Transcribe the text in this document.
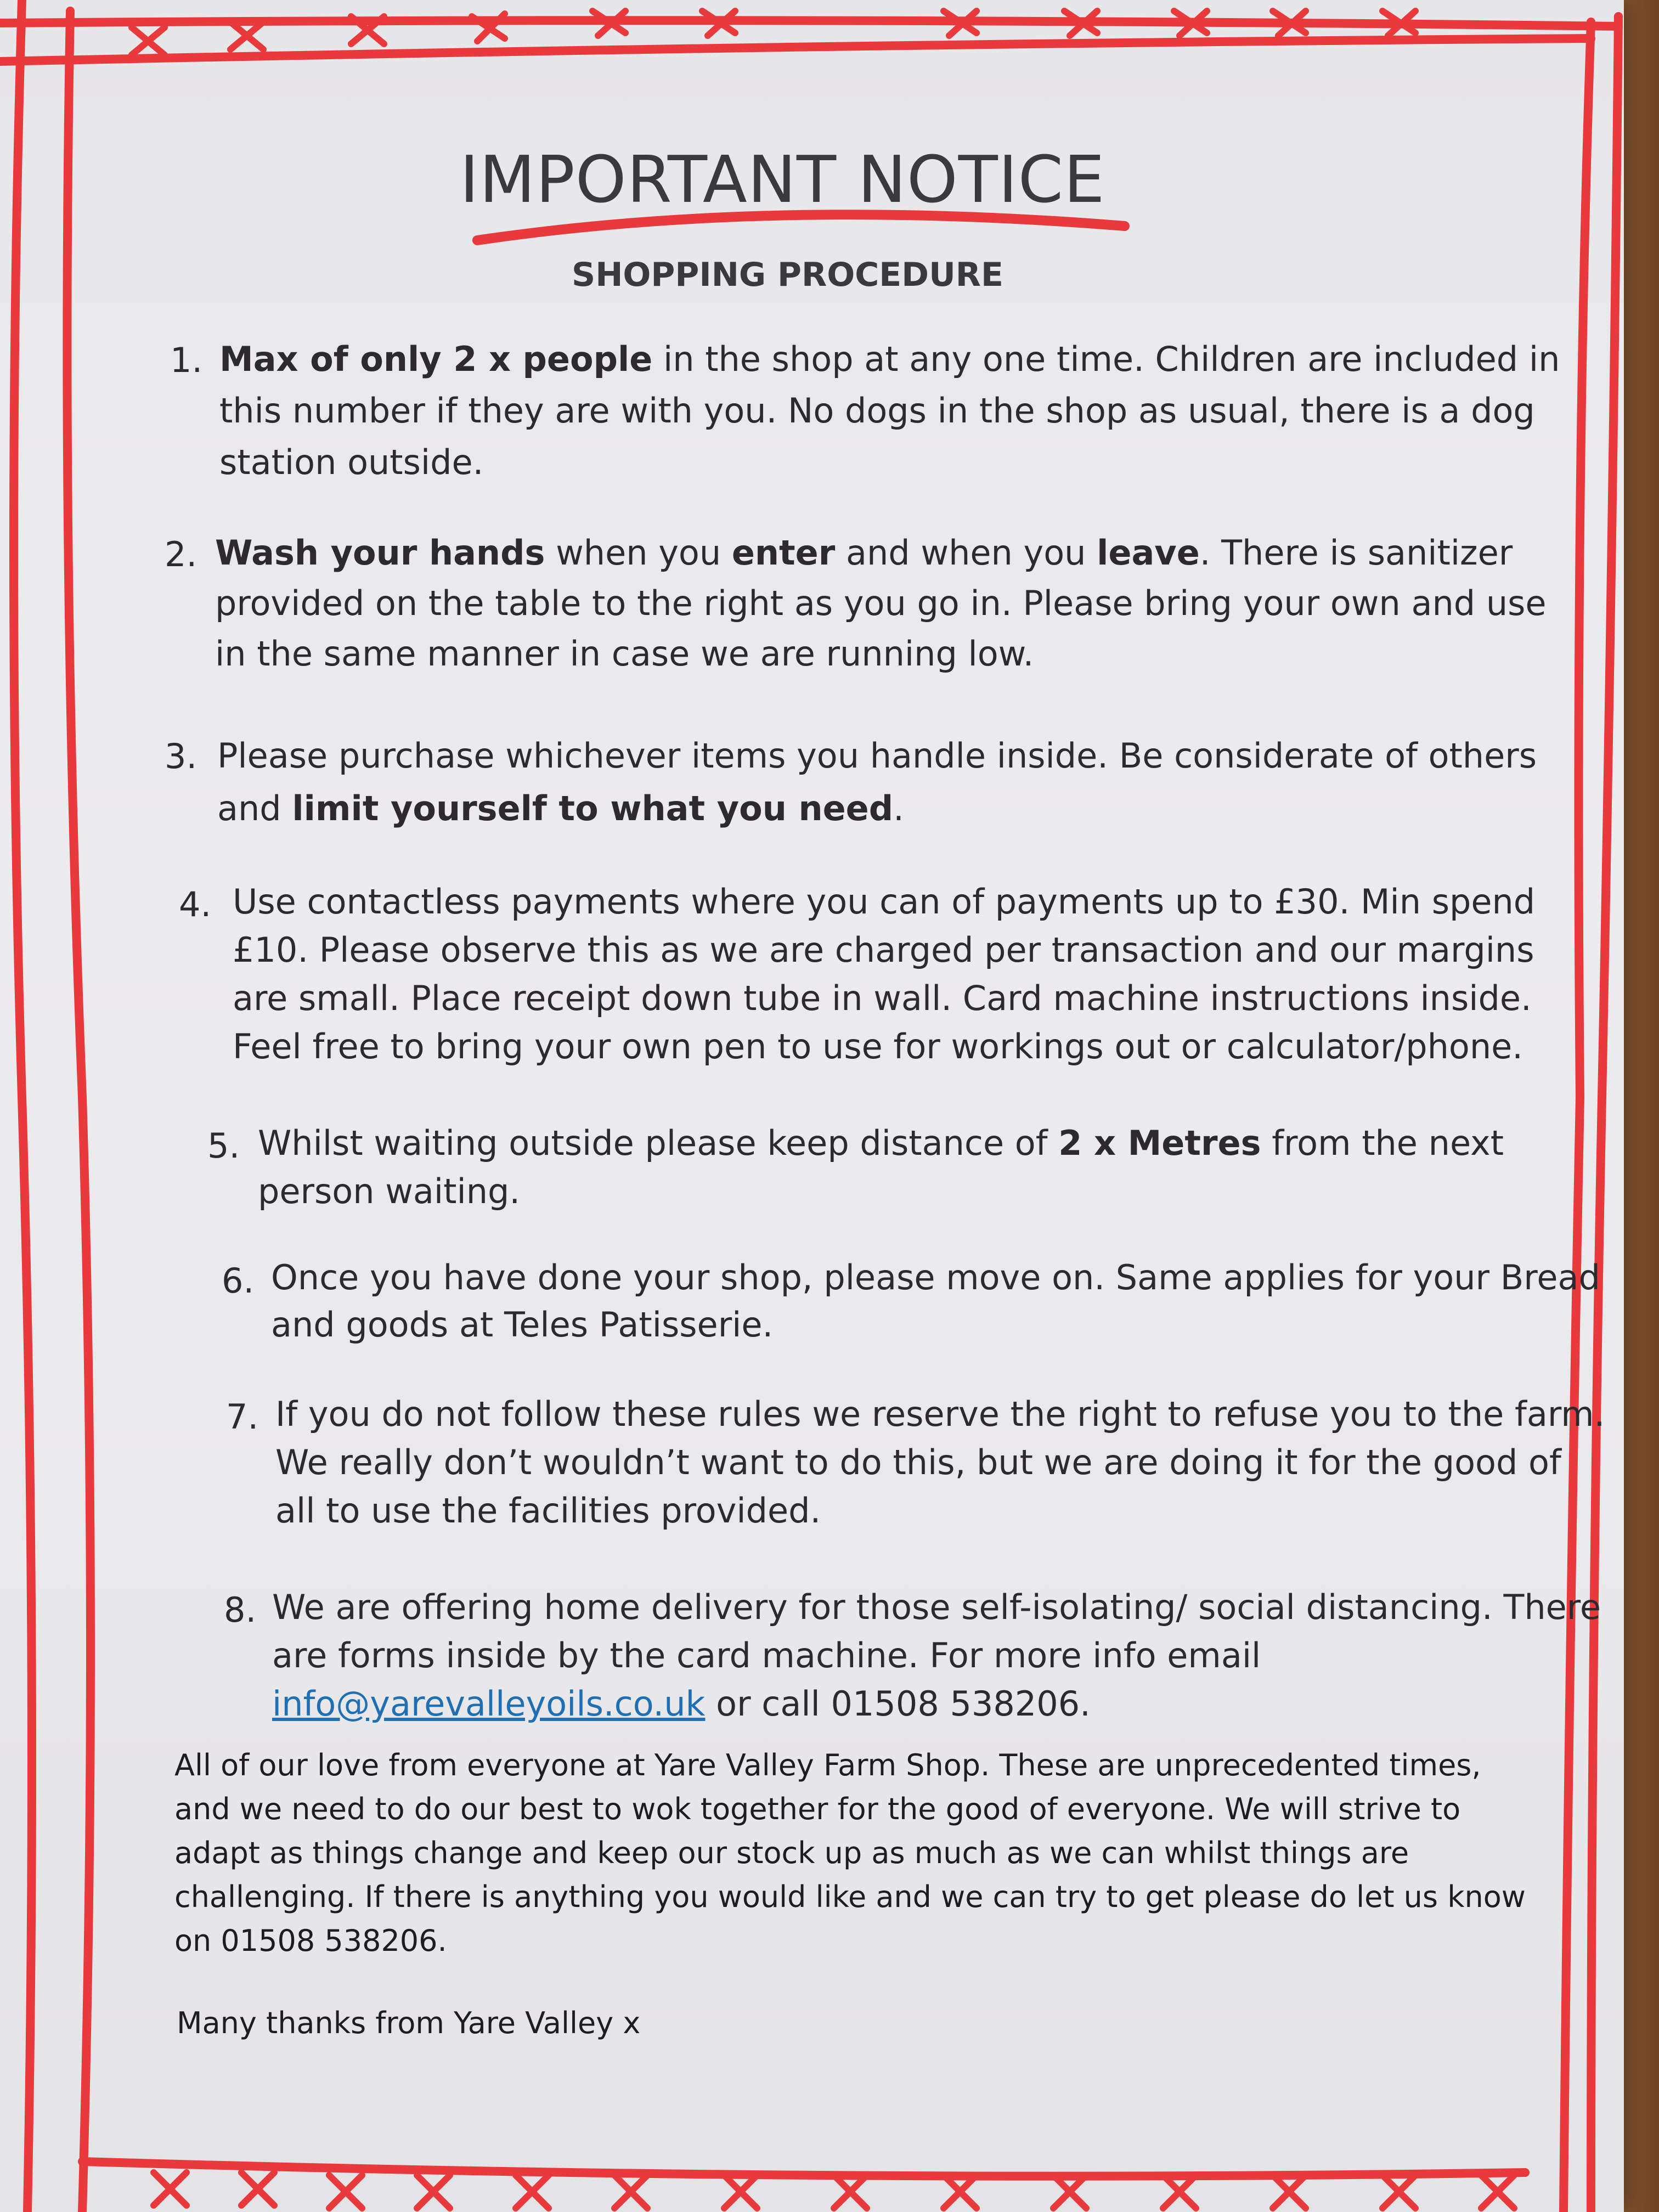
IMPORTANT NOTICE
SHOPPING PROCEDURE
1. Max of only 2 x people in the shop at any one time. Children are included in
this number if they are with you. No dogs in the shop as usual, there is a dog
station outside.
2. Wash your hands when you enter and when you leave. There is sanitizer
provided on the table to the right as you go in. Please bring your own and use
in the same manner in case we are running low.
3. Please purchase whichever items you handle inside. Be considerate of others
and limit yourself to what you need.
4. Use contactless payments where you can of payments up to £30. Min spend
£10. Please observe this as we are charged per transaction and our margins
are small. Place receipt down tube in wall. Card machine instructions inside.
Feel free to bring your own pen to use for workings out or calculator/phone.
5. Whilst waiting outside please keep distance of 2 x Metres from the next
person waiting.
6. Once you have done your shop, please move on. Same applies for your Bread
and goods at Teles Patisserie.
7. If you do not follow these rules we reserve the right to refuse you to the farm.
We really don’t wouldn’t want to do this, but we are doing it for the good of
all to use the facilities provided.
8. We are offering home delivery for those self-isolating/ social distancing. There
are forms inside by the card machine. For more info email
info@yarevalleyoils.co.uk or call 01508 538206.
All of our love from everyone at Yare Valley Farm Shop. These are unprecedented times,
and we need to do our best to wok together for the good of everyone. We will strive to
adapt as things change and keep our stock up as much as we can whilst things are
challenging. If there is anything you would like and we can try to get please do let us know
on 01508 538206.
Many thanks from Yare Valley x
